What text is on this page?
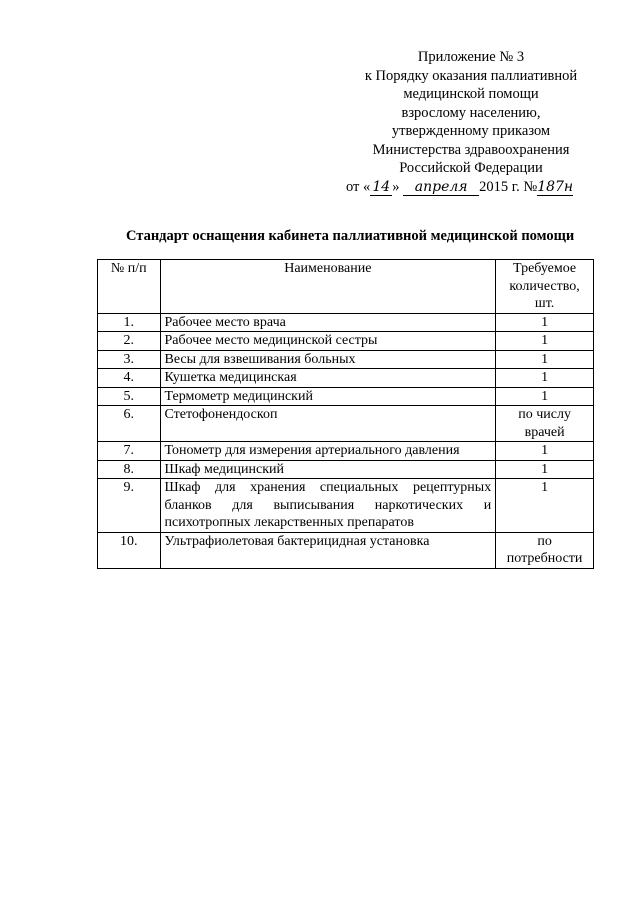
Приложение № 3
к Порядку оказания паллиативной
медицинской помощи
взрослому населению,
утвержденному приказом
Министерства здравоохранения
Российской Федерации
от « 14 » апреля 2015 г. №187н
Стандарт оснащения кабинета паллиативной медицинской помощи
№ п/п	Наименование	Требуемое количество, шт.
1.	Рабочее место врача	1
2.	Рабочее место медицинской сестры	1
3.	Весы для взвешивания больных	1
4.	Кушетка медицинская	1
5.	Термометр медицинский	1
6.	Стетофонендоскоп	по числу врачей
7.	Тонометр для измерения артериального давления	1
8.	Шкаф медицинский	1
9.	Шкаф для хранения специальных рецептурных бланков для выписывания наркотических и психотропных лекарственных препаратов	1
10.	Ультрафиолетовая бактерицидная установка	по потребности
